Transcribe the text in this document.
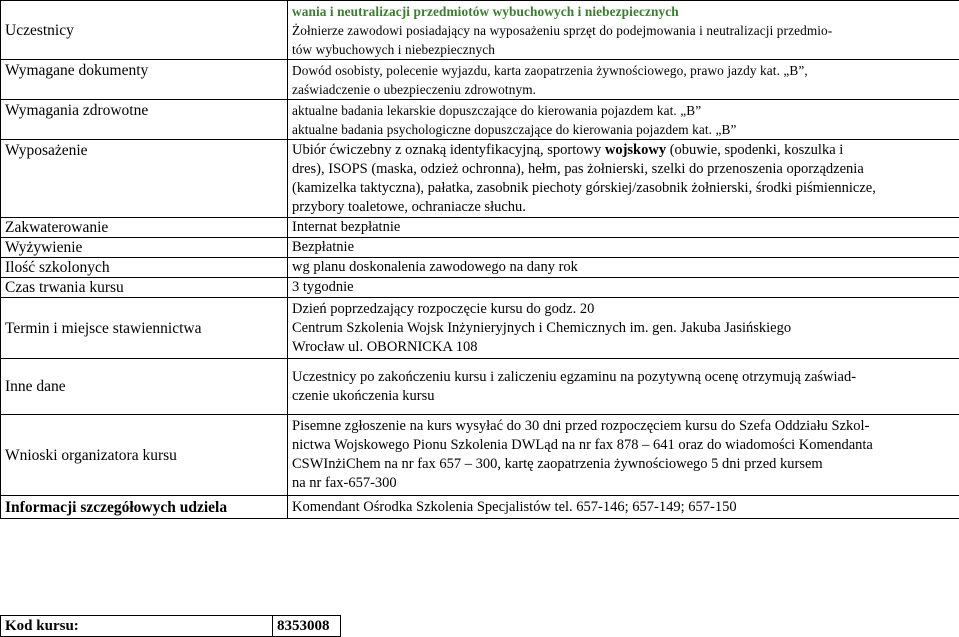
Uczestnicy	wania i neutralizacji przedmiotów wybuchowych i niebezpiecznych
Żołnierze zawodowi posiadający na wyposażeniu sprzęt do podejmowania i neutralizacji przedmio-
tów wybuchowych i niebezpiecznych

Wymagane dokumenty	Dowód osobisty, polecenie wyjazdu, karta zaopatrzenia żywnościowego, prawo jazdy kat. „B”,
zaświadczenie o ubezpieczeniu zdrowotnym.

Wymagania zdrowotne	aktualne badania lekarskie dopuszczające do kierowania pojazdem kat. „B”
aktualne badania psychologiczne dopuszczające do kierowania pojazdem kat. „B”

Wyposażenie	Ubiór ćwiczebny z oznaką identyfikacyjną, sportowy wojskowy (obuwie, spodenki, koszulka i
dres), ISOPS (maska, odzież ochronna), hełm, pas żołnierski, szelki do przenoszenia oporządzenia
(kamizelka taktyczna), pałatka, zasobnik piechoty górskiej/zasobnik żołnierski, środki piśmiennicze,
przybory toaletowe, ochraniacze słuchu.

Zakwaterowanie	Internat bezpłatnie
Wyżywienie	Bezpłatnie
Ilość szkolonych	wg planu doskonalenia zawodowego na dany rok
Czas trwania kursu	3 tygodnie
Termin i miejsce stawiennictwa	Dzień poprzedzający rozpoczęcie kursu do godz. 20
Centrum Szkolenia Wojsk Inżynieryjnych i Chemicznych im. gen. Jakuba Jasińskiego
Wrocław ul. OBORNICKA 108

Inne dane	Uczestnicy po zakończeniu kursu i zaliczeniu egzaminu na pozytywną ocenę otrzymują zaświad-
czenie ukończenia kursu

Wnioski organizatora kursu	Pisemne zgłoszenie na kurs wysyłać do 30 dni przed rozpoczęciem kursu do Szefa Oddziału Szkol-
nictwa Wojskowego Pionu Szkolenia DWLąd na nr fax 878 – 641 oraz do wiadomości Komendanta
CSWInżiChem na nr fax 657 – 300, kartę zaopatrzenia żywnościowego 5 dni przed kursem
na nr fax-657-300

Informacji szczegółowych udziela	Komendant Ośrodka Szkolenia Specjalistów tel. 657-146; 657-149; 657-150
Kod kursu:	8353008
